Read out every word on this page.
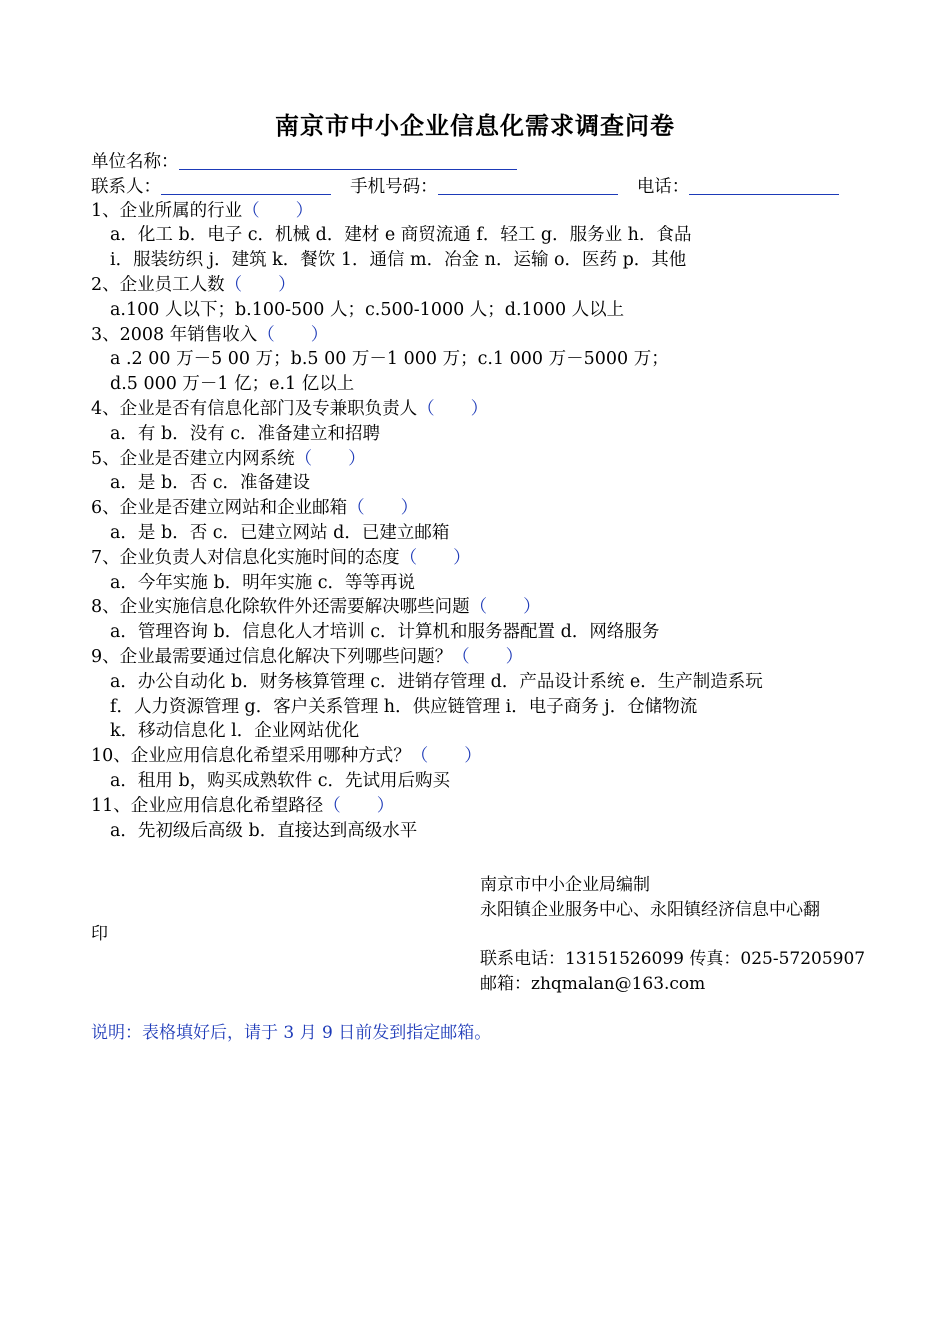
南京市中小企业信息化需求调查问卷
单位名称：
联系人：	手机号码：	电话：
1、企业所属的行业（ ）
a．化工 b．电子 c．机械 d．建材 e 商贸流通 f．轻工 g．服务业 h．食品
i．服装纺织 j．建筑 k．餐饮 1．通信 m．冶金 n．运输 o．医药 p．其他
2、企业员工人数（ ）
a.100 人以下；b.100-500 人；c.500-1000 人；d.1000 人以上
3、2008 年销售收入（ ）
a .2 00 万－5 00 万；b.5 00 万－1 000 万；c.1 000 万－5000 万；
d.5 000 万－1 亿；e.1 亿以上
4、企业是否有信息化部门及专兼职负责人（ ）
a．有 b．没有 c．准备建立和招聘
5、企业是否建立内网系统（ ）
a．是 b．否 c．准备建设
6、企业是否建立网站和企业邮箱（ ）
a．是 b．否 c．已建立网站 d．已建立邮箱
7、企业负责人对信息化实施时间的态度（ ）
a．今年实施 b．明年实施 c．等等再说
8、企业实施信息化除软件外还需要解决哪些问题（ ）
a．管理咨询 b．信息化人才培训 c．计算机和服务器配置 d．网络服务
9、企业最需要通过信息化解决下列哪些问题？（ ）
a．办公自动化 b．财务核算管理 c．进销存管理 d．产品设计系统 e．生产制造系玩
f．人力资源管理 g．客户关系管理 h．供应链管理 i．电子商务 j．仓储物流
k．移动信息化 l．企业网站优化
10、企业应用信息化希望采用哪种方式？（ ）
a．租用 b，购买成熟软件 c．先试用后购买
11、企业应用信息化希望路径（ ）
a．先初级后高级 b．直接达到高级水平
南京市中小企业局编制
永阳镇企业服务中心、永阳镇经济信息中心翻
印
联系电话：13151526099 传真：025-57205907
邮箱：zhqmalan@163.com
说明：表格填好后，请于 3 月 9 日前发到指定邮箱。
